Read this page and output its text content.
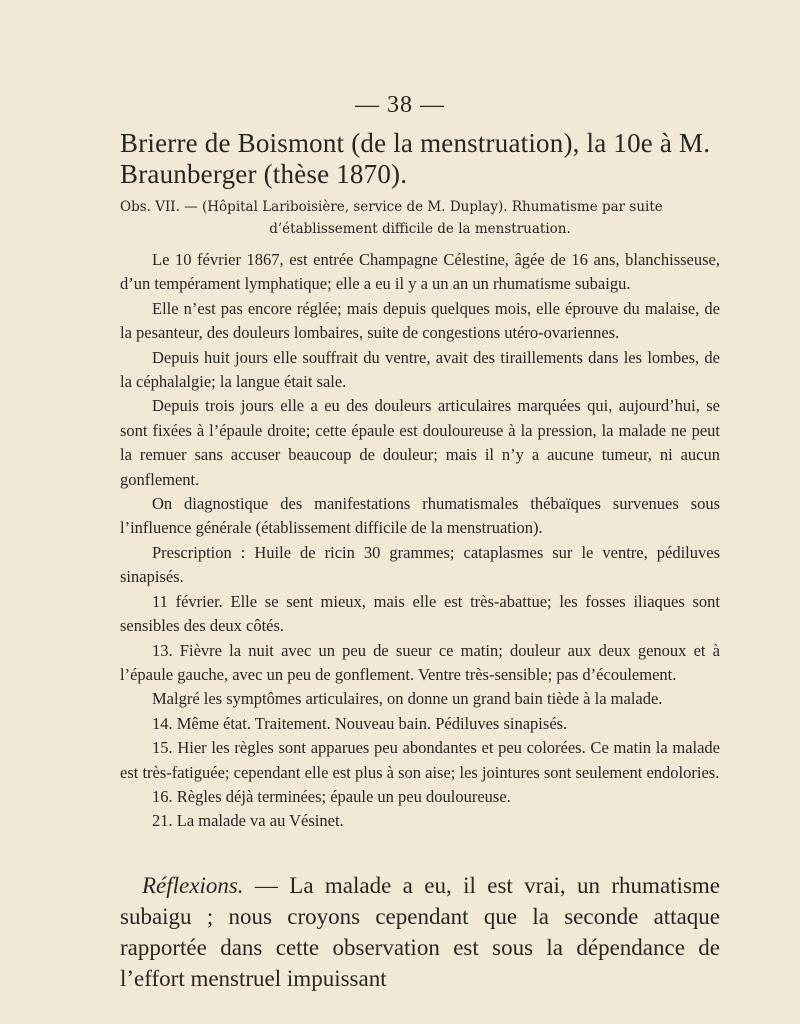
— 38 —
Brierre de Boismont (de la menstruation), la 10e à M. Braunberger (thèse 1870).
Obs. VII. — (Hôpital Lariboisière, service de M. Duplay). Rhumatisme par suite
d’établissement difficile de la menstruation.

Le 10 février 1867, est entrée Champagne Célestine, âgée de 16 ans, blanchisseuse, d’un tempérament lymphatique; elle a eu il y a un an un rhumatisme subaigu.

Elle n’est pas encore réglée; mais depuis quelques mois, elle éprouve du malaise, de la pesanteur, des douleurs lombaires, suite de congestions utéro-ovariennes.

Depuis huit jours elle souffrait du ventre, avait des tiraillements dans les lombes, de la céphalalgie; la langue était sale.

Depuis trois jours elle a eu des douleurs articulaires marquées qui, aujourd’hui, se sont fixées à l’épaule droite; cette épaule est douloureuse à la pression, la malade ne peut la remuer sans accuser beaucoup de douleur; mais il n’y a aucune tumeur, ni aucun gonflement.

On diagnostique des manifestations rhumatismales thébaïques survenues sous l’influence générale (établissement difficile de la menstruation).

Prescription : Huile de ricin 30 grammes; cataplasmes sur le ventre, pédiluves sinapisés.

11 février. Elle se sent mieux, mais elle est très-abattue; les fosses iliaques sont sensibles des deux côtés.

13. Fièvre la nuit avec un peu de sueur ce matin; douleur aux deux genoux et à l’épaule gauche, avec un peu de gonflement. Ventre très-sensible; pas d’écoulement.

Malgré les symptômes articulaires, on donne un grand bain tiède à la malade.

14. Même état. Traitement. Nouveau bain. Pédiluves sinapisés.

15. Hier les règles sont apparues peu abondantes et peu colorées. Ce matin la malade est très-fatiguée; cependant elle est plus à son aise; les jointures sont seulement endolories.

16. Règles déjà terminées; épaule un peu douloureuse.

21. La malade va au Vésinet.

Réflexions. — La malade a eu, il est vrai, un rhumatisme subaigu ; nous croyons cependant que la seconde attaque rapportée dans cette observation est sous la dépendance de l’effort menstruel impuissant
